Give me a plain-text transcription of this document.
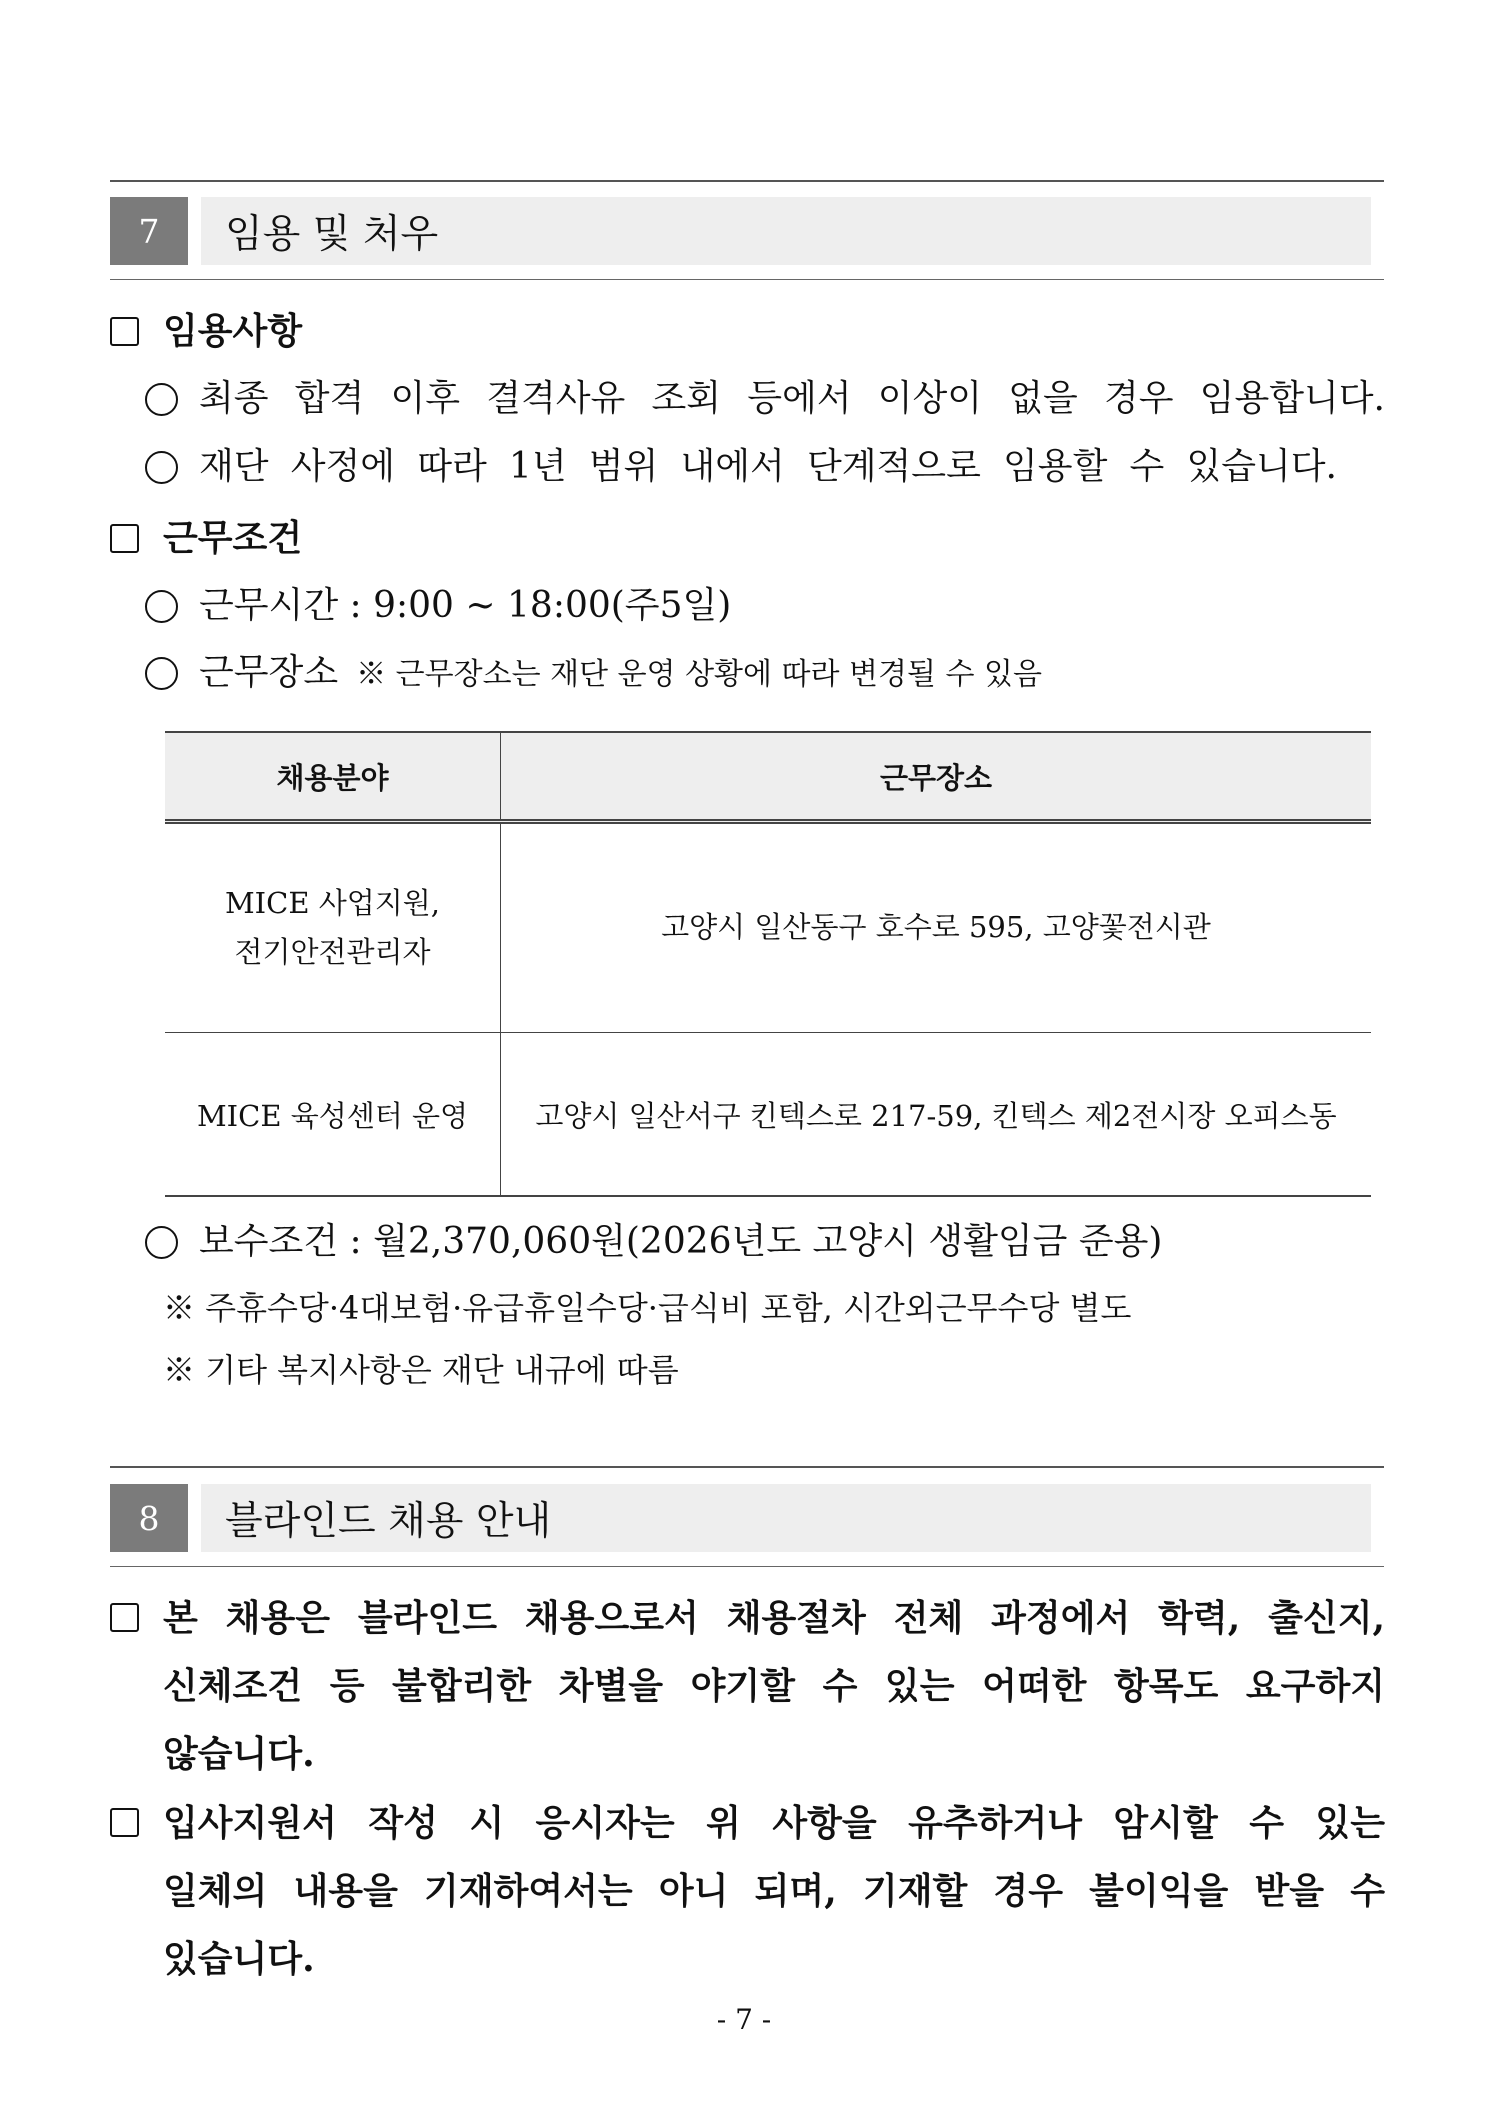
7	임용 및 처우
임용사항
최종 합격 이후 결격사유 조회 등에서 이상이 없을 경우 임용합니다.
재단 사정에 따라 1년 범위 내에서 단계적으로 임용할 수 있습니다.
근무조건
근무시간 : 9:00 ~ 18:00(주5일)
근무장소 ※ 근무장소는 재단 운영 상황에 따라 변경될 수 있음
채용분야	근무장소
MICE 사업지원,
전기안전관리자	고양시 일산동구 호수로 595, 고양꽃전시관
MICE 육성센터 운영	고양시 일산서구 킨텍스로 217-59, 킨텍스 제2전시장 오피스동
보수조건 : 월2,370,060원(2026년도 고양시 생활임금 준용)
※ 주휴수당·4대보험·유급휴일수당·급식비 포함, 시간외근무수당 별도
※ 기타 복지사항은 재단 내규에 따름
8	블라인드 채용 안내
본 채용은 블라인드 채용으로서 채용절차 전체 과정에서 학력, 출신지,
신체조건 등 불합리한 차별을 야기할 수 있는 어떠한 항목도 요구하지
않습니다.
입사지원서 작성 시 응시자는 위 사항을 유추하거나 암시할 수 있는
일체의 내용을 기재하여서는 아니 되며, 기재할 경우 불이익을 받을 수
있습니다.
- 7 -
